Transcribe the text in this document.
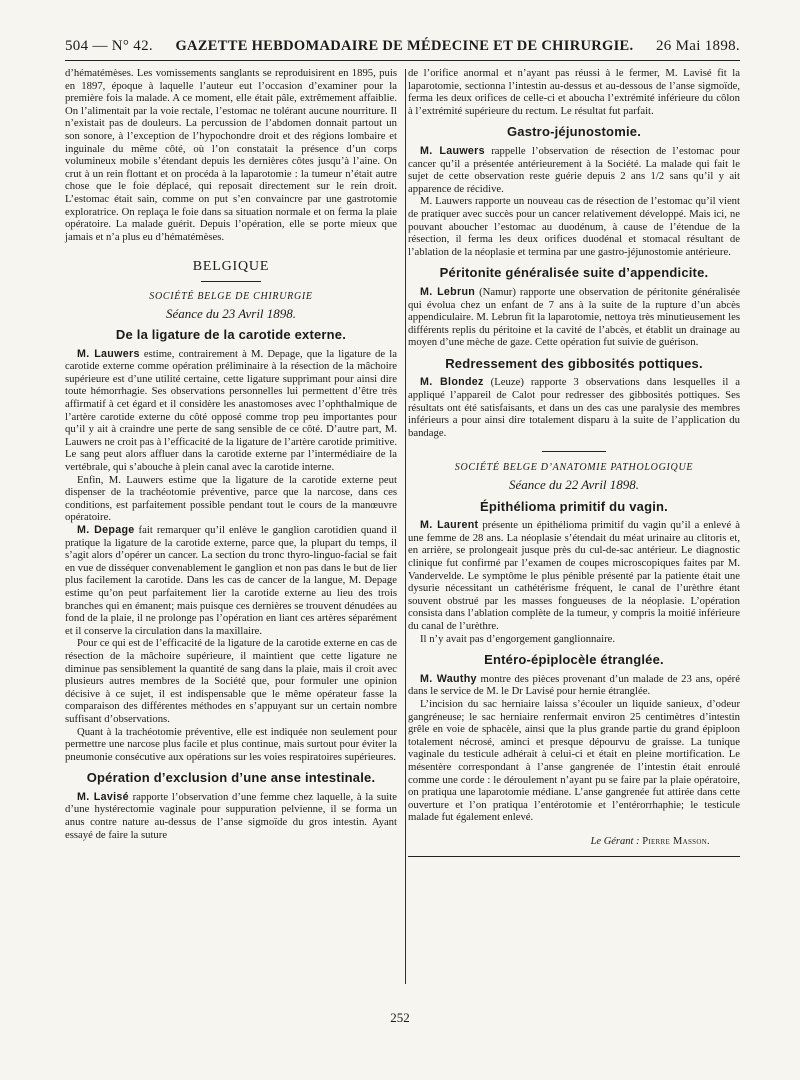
504 — N° 42. GAZETTE HEBDOMADAIRE DE MÉDECINE ET DE CHIRURGIE. 26 Mai 1898.

d’hématémèses. Les vomissements sanglants se reproduisirent en 1895, puis en 1897, époque à laquelle l’auteur eut l’occasion d’examiner pour la première fois la malade. A ce moment, elle était pâle, extrêmement affaiblie. On l’alimentait par la voie rectale, l’estomac ne tolérant aucune nourriture. Il n’existait pas de douleurs. La percussion de l’abdomen donnait partout un son sonore, à l’exception de l’hypochondre droit et des régions lombaire et inguinale du même côté, où l’on constatait la présence d’un corps volumineux mobile s’étendant depuis les dernières côtes jusqu’à l’aine. On crut à un rein flottant et on procéda à la laparotomie : la tumeur n’était autre chose que le foie déplacé, qui reposait directement sur le rein droit. L’estomac était sain, comme on put s’en convaincre par une gastrotomie exploratrice. On replaça le foie dans sa situation normale et on ferma la plaie opératoire. La malade guérit. Depuis l’opération, elle se porte mieux que jamais et n’a plus eu d’hématémèses.

BELGIQUE
SOCIÉTÉ BELGE DE CHIRURGIE
Séance du 23 Avril 1898.
De la ligature de la carotide externe.

M. Lauwers estime, contrairement à M. Depage, que la ligature de la carotide externe comme opération préliminaire à la résection de la mâchoire supérieure est d’une utilité certaine, cette ligature supprimant pour ainsi dire toute hémorrhagie. Ses observations personnelles lui permettent d’être très affirmatif à cet égard et il considère les anastomoses avec l’ophthalmique de l’artère carotide externe du côté opposé comme trop peu importantes pour qu’il y ait à craindre une perte de sang sensible de ce côté. D’autre part, M. Lauwers ne croit pas à l’efficacité de la ligature de l’artère carotide primitive. Le sang peut alors affluer dans la carotide externe par l’intermédiaire de la vertébrale, qui s’abouche à plein canal avec la carotide interne.

Enfin, M. Lauwers estime que la ligature de la carotide externe peut dispenser de la trachéotomie préventive, parce que la narcose, dans ces conditions, est parfaitement possible pendant tout le cours de la manœuvre opératoire.

M. Depage fait remarquer qu’il enlève le ganglion carotidien quand il pratique la ligature de la carotide externe, parce que, la plupart du temps, il s’agit alors d’opérer un cancer. La section du tronc thyro-linguo-facial se fait en vue de disséquer convenablement le ganglion et non pas dans le but de lier plus facilement la carotide. Dans les cas de cancer de la langue, M. Depage estime qu’on peut parfaitement lier la carotide externe au lieu des trois branches qui en émanent; mais puisque ces dernières se trouvent dénudées au fond de la plaie, il ne prolonge pas l’opération en liant ces artères séparément et il conserve la circulation dans la maxillaire.

Pour ce qui est de l’efficacité de la ligature de la carotide externe en cas de résection de la mâchoire supérieure, il maintient que cette ligature ne diminue pas sensiblement la quantité de sang dans la plaie, mais il croit avec plusieurs autres membres de la Société que, pour formuler une opinion décisive à ce sujet, il est indispensable que le même opérateur fasse la comparaison des différentes méthodes en s’appuyant sur un certain nombre suffisant d’observations.

Quant à la trachéotomie préventive, elle est indiquée non seulement pour permettre une narcose plus facile et plus continue, mais surtout pour éviter la pneumonie consécutive aux opérations sur les voies respiratoires supérieures.

Opération d’exclusion d’une anse intestinale.

M. Lavisé rapporte l’observation d’une femme chez laquelle, à la suite d’une hystérectomie vaginale pour suppuration pelvienne, il se forma un anus contre nature au-dessus de l’anse sigmoïde du gros intestin. Ayant essayé de faire la suture

de l’orifice anormal et n’ayant pas réussi à le fermer, M. Lavisé fit la laparotomie, sectionna l’intestin au-dessus et au-dessous de l’anse sigmoïde, ferma les deux orifices de celle-ci et aboucha l’extrémité inférieure du côlon à l’extrémité supérieure du rectum. Le résultat fut parfait.

Gastro-jéjunostomie.

M. Lauwers rappelle l’observation de résection de l’estomac pour cancer qu’il a présentée antérieurement à la Société. La malade qui fait le sujet de cette observation reste guérie depuis 2 ans 1/2 sans qu’il y ait apparence de récidive.

M. Lauwers rapporte un nouveau cas de résection de l’estomac qu’il vient de pratiquer avec succès pour un cancer relativement développé. Mais ici, ne pouvant aboucher l’estomac au duodénum, à cause de l’étendue de la résection, il ferma les deux orifices duodénal et stomacal résultant de l’ablation de la néoplasie et termina par une gastro-jéjunostomie antérieure.

Péritonite généralisée suite d’appendicite.

M. Lebrun (Namur) rapporte une observation de péritonite généralisée qui évolua chez un enfant de 7 ans à la suite de la rupture d’un abcès appendiculaire. M. Lebrun fit la laparotomie, nettoya très minutieusement les différents replis du péritoine et la cavité de l’abcès, et établit un drainage au moyen d’une mèche de gaze. Cette opération fut suivie de guérison.

Redressement des gibbosités pottiques.

M. Blondez (Leuze) rapporte 3 observations dans lesquelles il a appliqué l’appareil de Calot pour redresser des gibbosités pottiques. Ses résultats ont été satisfaisants, et dans un des cas une paralysie des membres inférieurs a pour ainsi dire totalement disparu à la suite de l’application du bandage.

SOCIÉTÉ BELGE D’ANATOMIE PATHOLOGIQUE
Séance du 22 Avril 1898.
Épithélioma primitif du vagin.

M. Laurent présente un épithélioma primitif du vagin qu’il a enlevé à une femme de 28 ans. La néoplasie s’étendait du méat urinaire au clitoris et, en arrière, se prolongeait jusque près du cul-de-sac antérieur. Le diagnostic clinique fut confirmé par l’examen de coupes microscopiques faites par M. Vandervelde. Le symptôme le plus pénible présenté par la patiente était une dysurie nécessitant un cathétérisme fréquent, le canal de l’urèthre étant souvent obstrué par les masses fongueuses de la néoplasie. L’opération consista dans l’ablation complète de la tumeur, y compris la moitié inférieure du canal de l’urèthre.

Il n’y avait pas d’engorgement ganglionnaire.

Entéro-épiplocèle étranglée.

M. Wauthy montre des pièces provenant d’un malade de 23 ans, opéré dans le service de M. le Dr Lavisé pour hernie étranglée.

L’incision du sac herniaire laissa s’écouler un liquide sanieux, d’odeur gangréneuse; le sac herniaire renfermait environ 25 centimètres d’intestin grêle en voie de sphacèle, ainsi que la plus grande partie du grand épiploon totalement nécrosé, aminci et presque dépourvu de graisse. La tunique vaginale du testicule adhérait à celui-ci et était en pleine mortification. Le mésentère correspondant à l’anse gangrenée de l’intestin était enroulé comme une corde : le déroulement n’ayant pu se faire par la plaie opératoire, on pratiqua une laparotomie médiane. L’anse gangrenée fut attirée dans cette ouverture et l’on pratiqua l’entérotomie et l’entérorrhaphie; le testicule malade fut également enlevé.

Le Gérant : Pierre Masson.
252
